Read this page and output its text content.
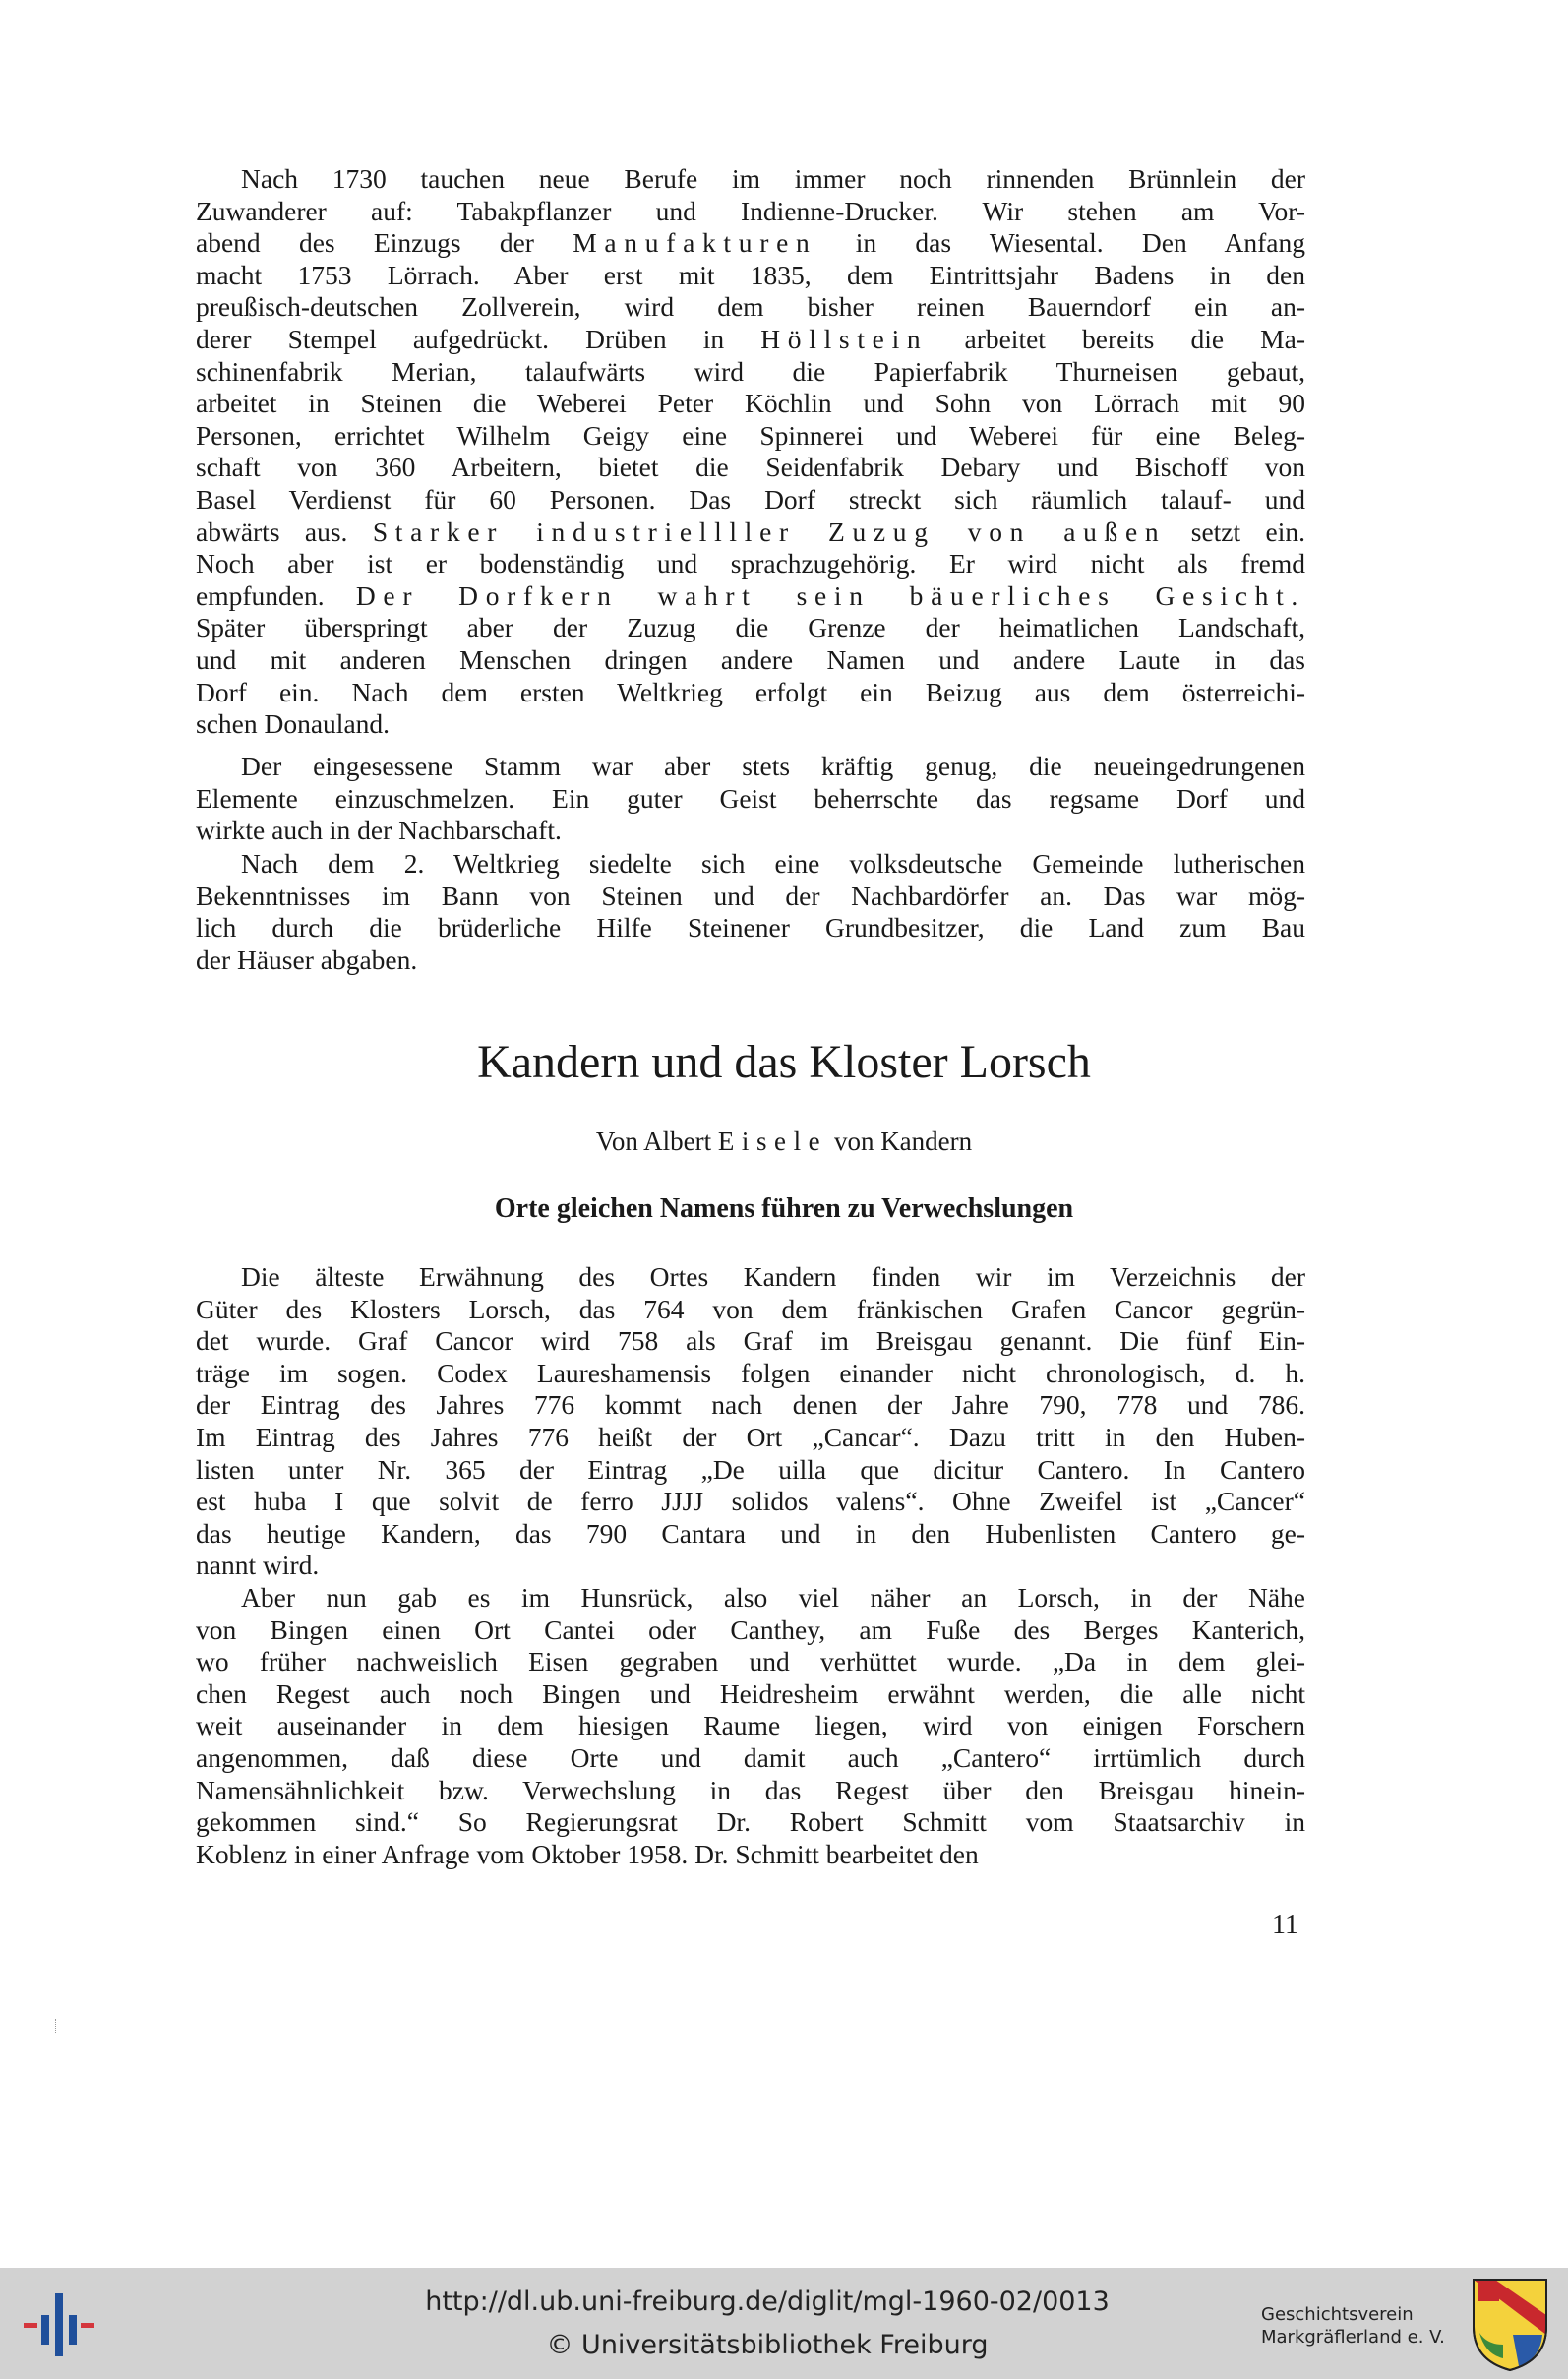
Nach 1730 tauchen neue Berufe im immer noch rinnenden Brünnlein der
Zuwanderer auf: Tabakpflanzer und Indienne-Drucker. Wir stehen am Vor-
abend des Einzugs der Manufakturen in das Wiesental. Den Anfang
macht 1753 Lörrach. Aber erst mit 1835, dem Eintrittsjahr Badens in den
preußisch-deutschen Zollverein, wird dem bisher reinen Bauerndorf ein an-
derer Stempel aufgedrückt. Drüben in Höllstein arbeitet bereits die Ma-
schinenfabrik Merian, talaufwärts wird die Papierfabrik Thurneisen gebaut,
arbeitet in Steinen die Weberei Peter Köchlin und Sohn von Lörrach mit 90
Personen, errichtet Wilhelm Geigy eine Spinnerei und Weberei für eine Beleg-
schaft von 360 Arbeitern, bietet die Seidenfabrik Debary und Bischoff von
Basel Verdienst für 60 Personen. Das Dorf streckt sich räumlich talauf- und
abwärts aus. Starker industriellller Zuzug von außen setzt ein.
Noch aber ist er bodenständig und sprachzugehörig. Er wird nicht als fremd
empfunden. Der Dorfkern wahrt sein bäuerliches Gesicht.
Später überspringt aber der Zuzug die Grenze der heimatlichen Landschaft,
und mit anderen Menschen dringen andere Namen und andere Laute in das
Dorf ein. Nach dem ersten Weltkrieg erfolgt ein Beizug aus dem österreichi-
schen Donauland.
Der eingesessene Stamm war aber stets kräftig genug, die neueingedrungenen
Elemente einzuschmelzen. Ein guter Geist beherrschte das regsame Dorf und
wirkte auch in der Nachbarschaft.
Nach dem 2. Weltkrieg siedelte sich eine volksdeutsche Gemeinde lutherischen
Bekenntnisses im Bann von Steinen und der Nachbardörfer an. Das war mög-
lich durch die brüderliche Hilfe Steinener Grundbesitzer, die Land zum Bau
der Häuser abgaben.
Kandern und das Kloster Lorsch
Von Albert Eisele von Kandern
Orte gleichen Namens führen zu Verwechslungen
Die älteste Erwähnung des Ortes Kandern finden wir im Verzeichnis der
Güter des Klosters Lorsch, das 764 von dem fränkischen Grafen Cancor gegrün-
det wurde. Graf Cancor wird 758 als Graf im Breisgau genannt. Die fünf Ein-
träge im sogen. Codex Laureshamensis folgen einander nicht chronologisch, d. h.
der Eintrag des Jahres 776 kommt nach denen der Jahre 790, 778 und 786.
Im Eintrag des Jahres 776 heißt der Ort „Cancar“. Dazu tritt in den Huben-
listen unter Nr. 365 der Eintrag „De uilla que dicitur Cantero. In Cantero
est huba I que solvit de ferro JJJJ solidos valens“. Ohne Zweifel ist „Cancer“
das heutige Kandern, das 790 Cantara und in den Hubenlisten Cantero ge-
nannt wird.
Aber nun gab es im Hunsrück, also viel näher an Lorsch, in der Nähe
von Bingen einen Ort Cantei oder Canthey, am Fuße des Berges Kanterich,
wo früher nachweislich Eisen gegraben und verhüttet wurde. „Da in dem glei-
chen Regest auch noch Bingen und Heidresheim erwähnt werden, die alle nicht
weit auseinander in dem hiesigen Raume liegen, wird von einigen Forschern
angenommen, daß diese Orte und damit auch „Cantero“ irrtümlich durch
Namensähnlichkeit bzw. Verwechslung in das Regest über den Breisgau hinein-
gekommen sind.“ So Regierungsrat Dr. Robert Schmitt vom Staatsarchiv in
Koblenz in einer Anfrage vom Oktober 1958. Dr. Schmitt bearbeitet den
11
http://dl.ub.uni-freiburg.de/diglit/mgl-1960-02/0013
© Universitätsbibliothek Freiburg
Geschichtsverein
Markgräflerland e. V.
